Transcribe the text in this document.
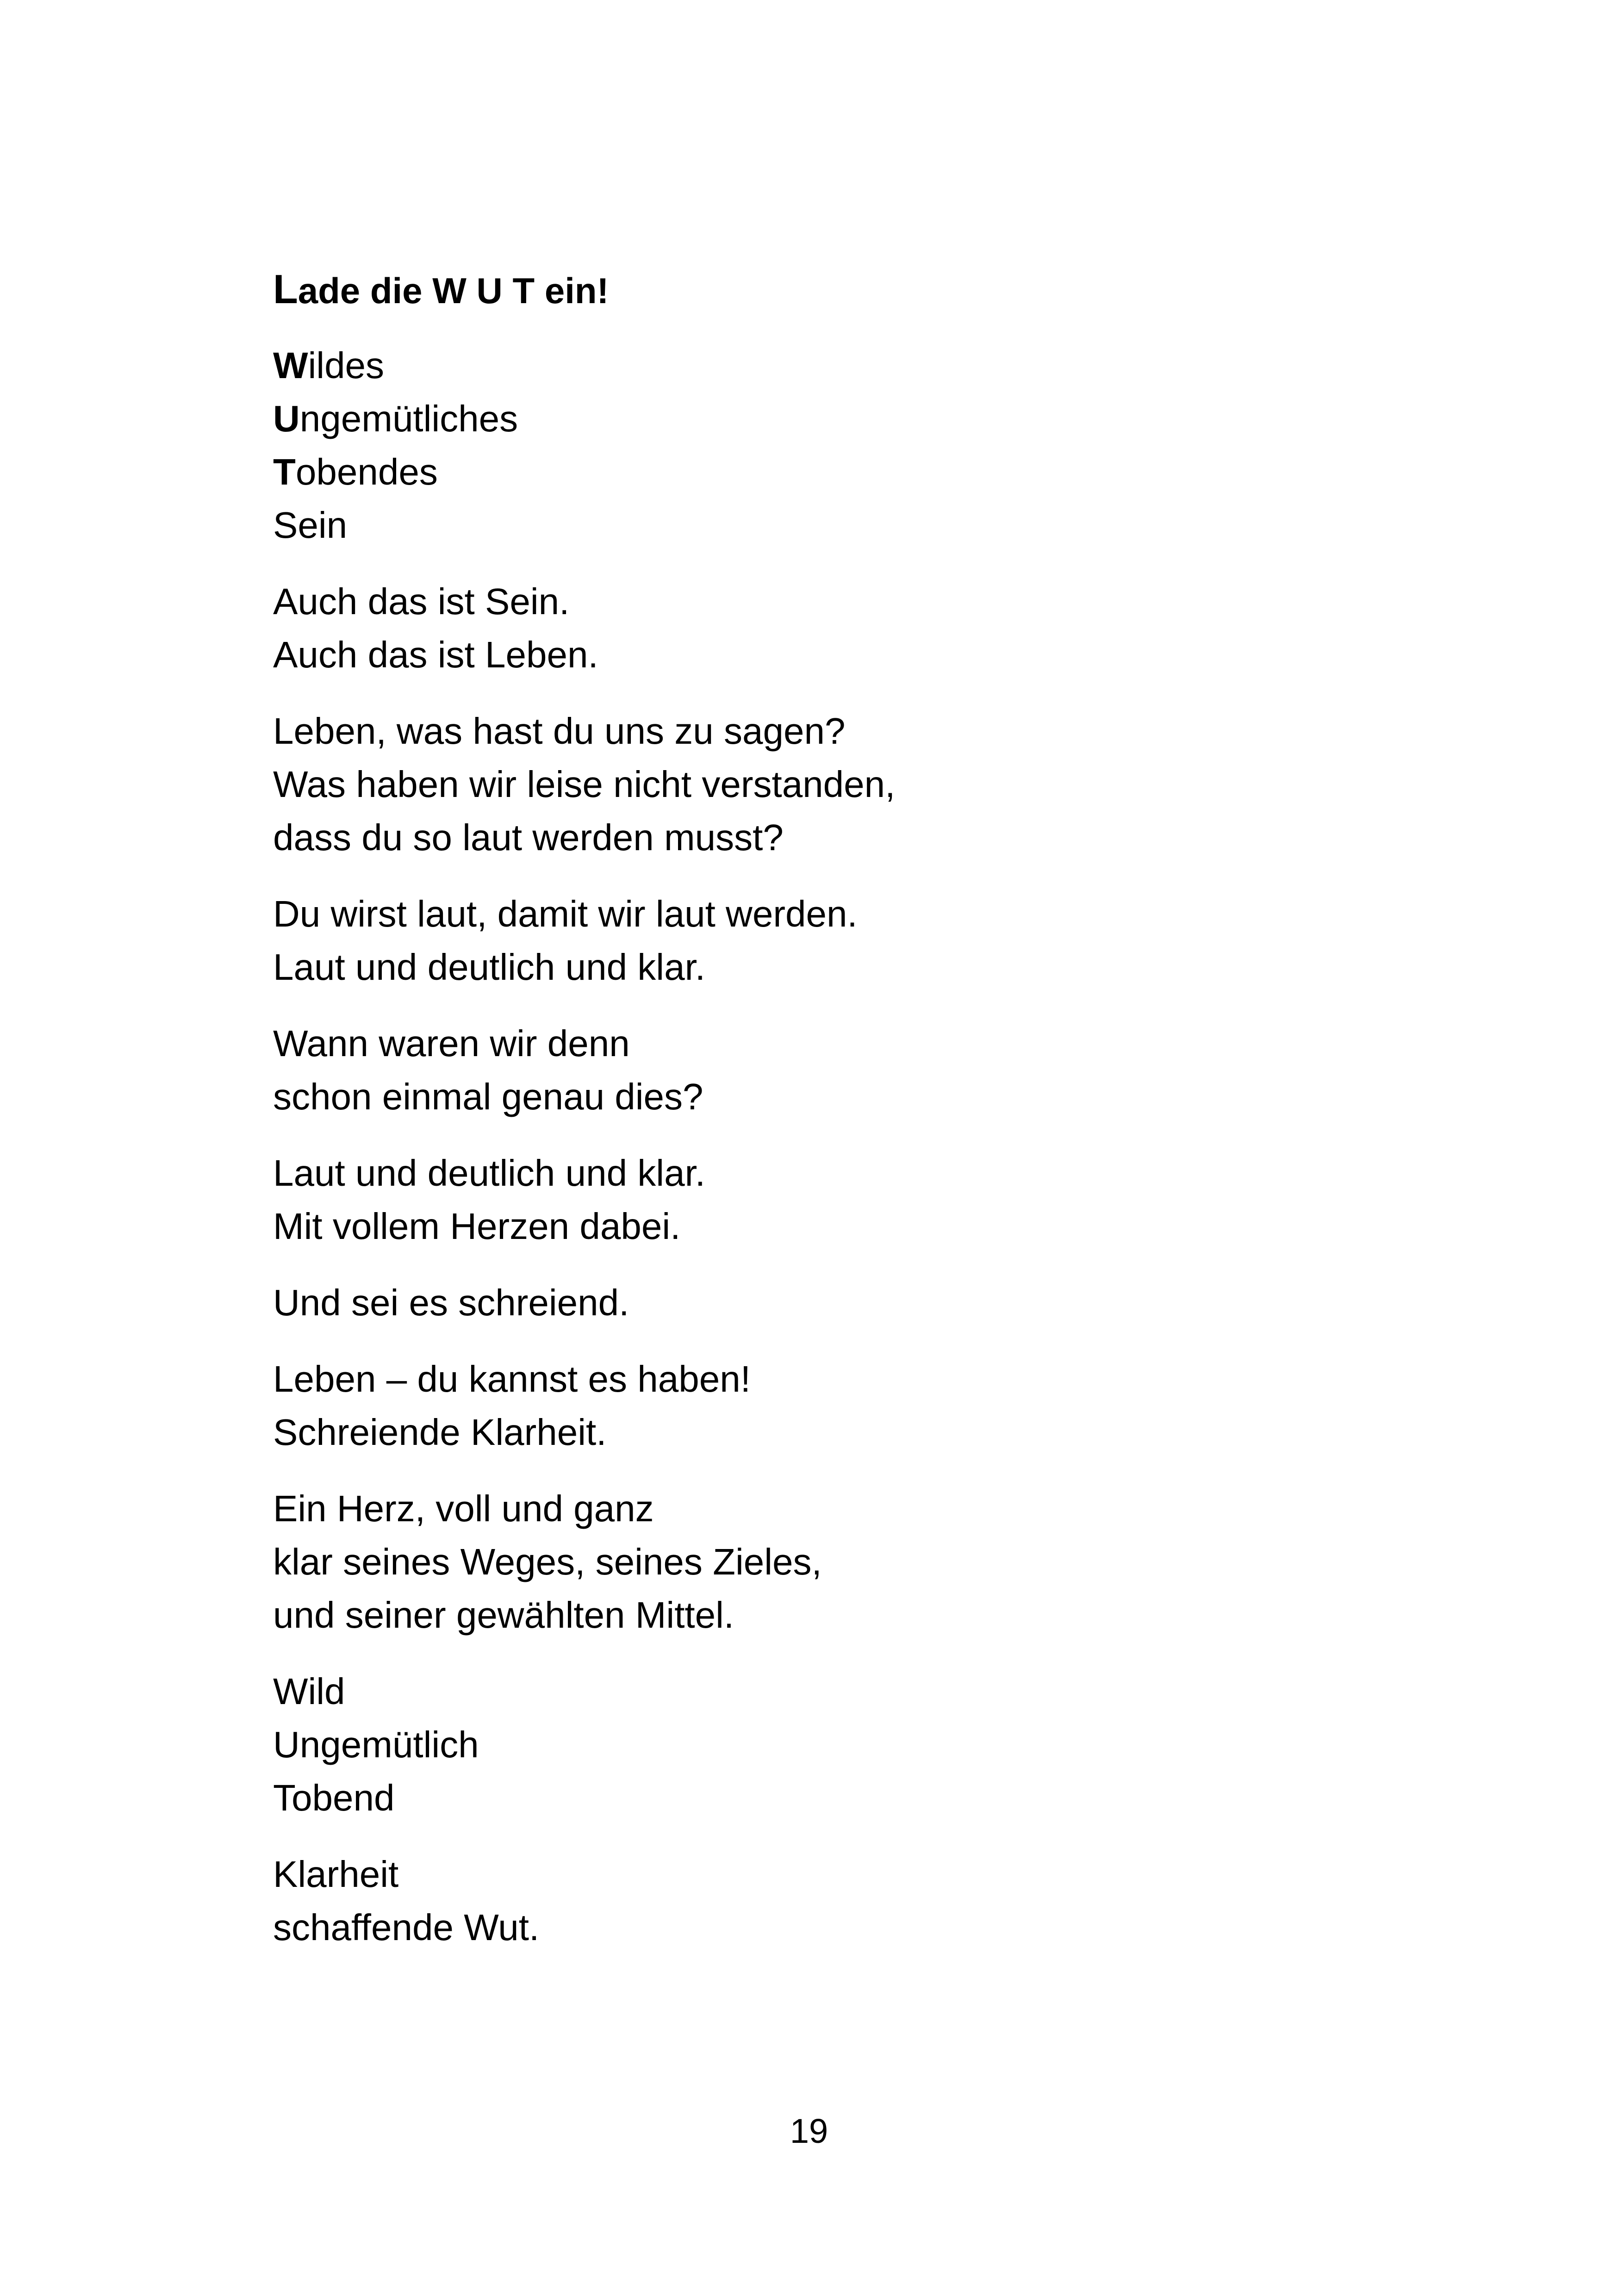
Lade die W U T ein!
Wildes
Ungemütliches
Tobendes
Sein
Auch das ist Sein.
Auch das ist Leben.
Leben, was hast du uns zu sagen?
Was haben wir leise nicht verstanden,
dass du so laut werden musst?
Du wirst laut, damit wir laut werden.
Laut und deutlich und klar.
Wann waren wir denn
schon einmal genau dies?
Laut und deutlich und klar.
Mit vollem Herzen dabei.
Und sei es schreiend.
Leben – du kannst es haben!
Schreiende Klarheit.
Ein Herz, voll und ganz
klar seines Weges, seines Zieles,
und seiner gewählten Mittel.
Wild
Ungemütlich
Tobend
Klarheit
schaffende Wut.
19
